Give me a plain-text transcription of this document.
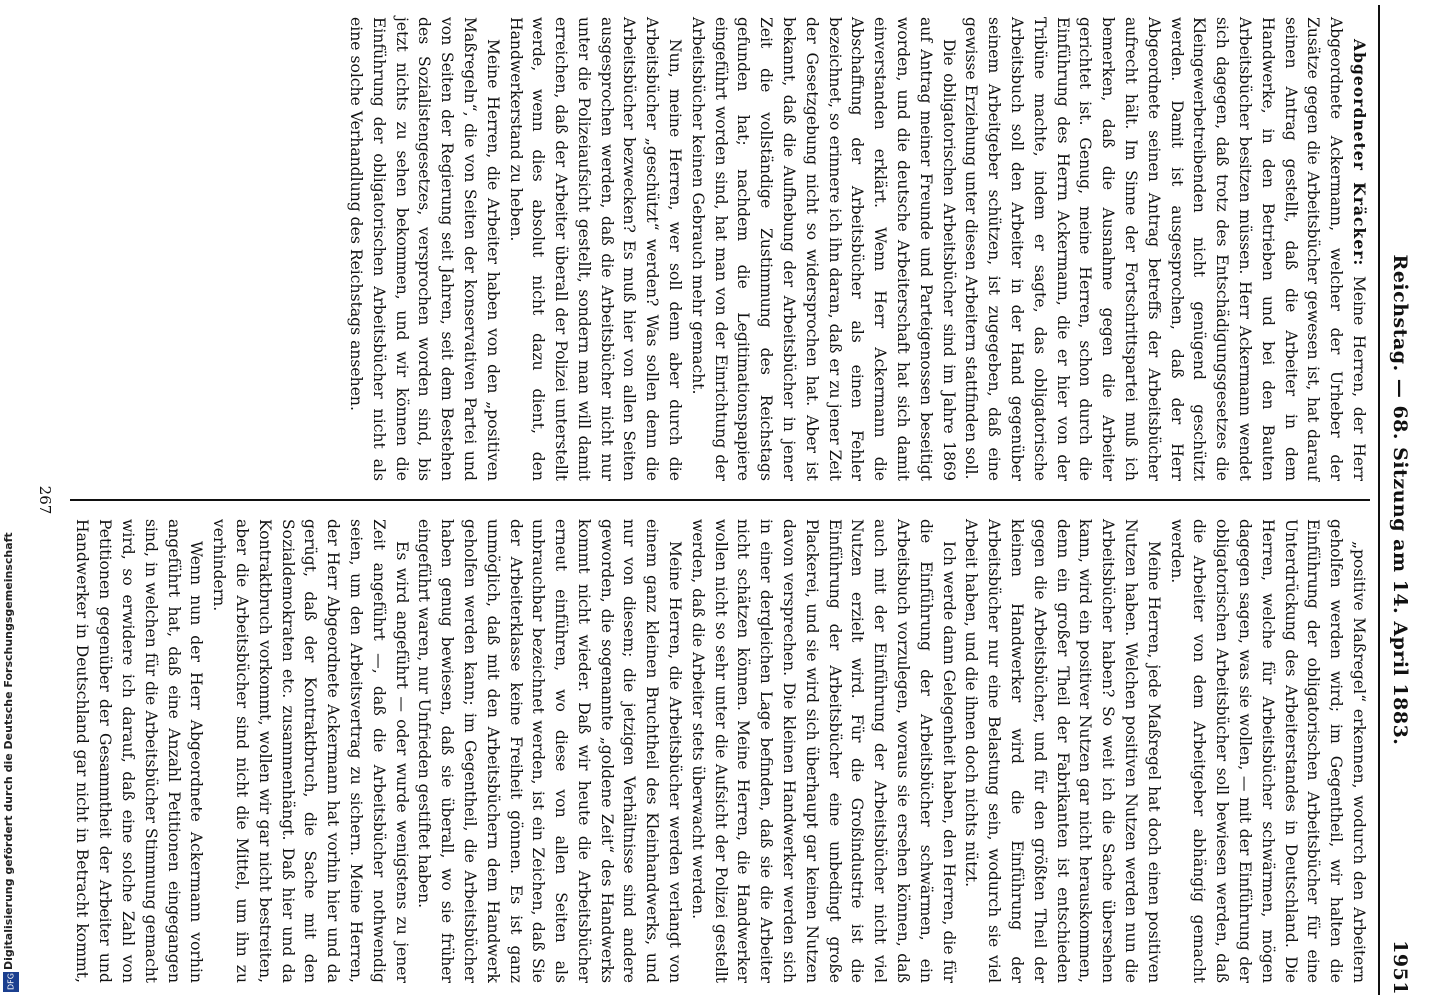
Digitalisierung gefördert durch die Deutsche Forschungsgemeinschaft
DFG
Reichstag. — 68. Sitzung am 14. April 1883.
1951

Abgeordneter Kräcker: Meine Herren, der Herr Abgeordnete Ackermann, welcher der Urheber der Zusätze gegen die Arbeitsbücher gewesen ist, hat darauf seinen Antrag gestellt, daß die Arbeiter in dem Handwerke, in den Betrieben und bei den Bauten Arbeitsbücher besitzen müssen. Herr Ackermann wendet sich dagegen, daß trotz des Entschädigungsgesetzes die Kleingewerbetreibenden nicht genügend geschützt werden. Damit ist ausgesprochen, daß der Herr Abgeordnete seinen Antrag betreffs der Arbeitsbücher aufrecht hält. Im Sinne der Fortschrittspartei muß ich bemerken, daß die Ausnahme gegen die Arbeiter gerichtet ist. Genug, meine Herren, schon durch die Einführung des Herrn Ackermann, die er hier von der Tribüne machte, indem er sagte, das obligatorische Arbeitsbuch soll den Arbeiter in der Hand gegenüber seinem Arbeitgeber schützen, ist zugegeben, daß eine gewisse Erziehung unter diesen Arbeitern stattfinden soll.

Die obligatorischen Arbeitsbücher sind im Jahre 1869 auf Antrag meiner Freunde und Parteigenossen beseitigt worden, und die deutsche Arbeiterschaft hat sich damit einverstanden erklärt. Wenn Herr Ackermann die Abschaffung der Arbeitsbücher als einen Fehler bezeichnet, so erinnere ich ihn daran, daß er zu jener Zeit der Gesetzgebung nicht so widersprochen hat. Aber ist bekannt, daß die Aufhebung der Arbeitsbücher in jener Zeit die vollständige Zustimmung des Reichstags gefunden hat; nachdem die Legitimationspapiere eingeführt worden sind, hat man von der Einrichtung der Arbeitsbücher keinen Gebrauch mehr gemacht.

Nun, meine Herren, wer soll denn aber durch die Arbeitsbücher „geschützt“ werden? Was sollen denn die Arbeitsbücher bezwecken? Es muß hier von allen Seiten ausgesprochen werden, daß die Arbeitsbücher nicht nur unter die Polizeiaufsicht gestellt, sondern man will damit erreichen, daß der Arbeiter überall der Polizei unterstellt werde, wenn dies absolut nicht dazu dient, den Handwerkerstand zu heben.

Meine Herren, die Arbeiter haben von den „positiven Maßregeln“, die von Seiten der konservativen Partei und von Seiten der Regierung seit Jahren, seit dem Bestehen des Sozialistengesetzes, versprochen worden sind, bis jetzt nichts zu sehen bekommen, und wir können die Einführung der obligatorischen Arbeitsbücher nicht als eine solche Verhandlung des Reichstags ansehen.

„positive Maßregel“ erkennen, wodurch den Arbeitern geholfen werden wird; im Gegentheil, wir halten die Einführung der obligatorischen Arbeitsbücher für eine Unterdrückung des Arbeiterstandes in Deutschland. Die Herren, welche für Arbeitsbücher schwärmen, mögen dagegen sagen, was sie wollen, — mit der Einführung der obligatorischen Arbeitsbücher soll bewiesen werden, daß die Arbeiter von dem Arbeitgeber abhängig gemacht werden.

Meine Herren, jede Maßregel hat doch einen positiven Nutzen haben. Welchen positiven Nutzen werden nun die Arbeitsbücher haben? So weit ich die Sache übersehen kann, wird ein positiver Nutzen gar nicht herauskommen, denn ein großer Theil der Fabrikanten ist entschieden gegen die Arbeitsbücher, und für den größten Theil der kleinen Handwerker wird die Einführung der Arbeitsbücher nur eine Belastung sein, wodurch sie viel Arbeit haben, und die ihnen doch nichts nützt.

Ich werde dann Gelegenheit haben, den Herren, die für die Einführung der Arbeitsbücher schwärmen, ein Arbeitsbuch vorzulegen, woraus sie ersehen können, daß auch mit der Einführung der Arbeitsbücher nicht viel Nutzen erzielt wird. Für die Großindustrie ist die Einführung der Arbeitsbücher eine unbedingt große Plackerei, und sie wird sich überhaupt gar keinen Nutzen davon versprechen. Die kleinen Handwerker werden sich in einer dergleichen Lage befinden, daß sie die Arbeiter nicht schätzen können. Meine Herren, die Handwerker wollen nicht so sehr unter die Aufsicht der Polizei gestellt werden, daß die Arbeiter stets überwacht werden.

Meine Herren, die Arbeitsbücher werden verlangt von einem ganz kleinen Bruchtheil des Kleinhandwerks, und nur von diesem; die jetzigen Verhältnisse sind andere geworden, die sogenannte „goldene Zeit“ des Handwerks kommt nicht wieder. Daß wir heute die Arbeitsbücher erneut einführen, wo diese von allen Seiten als unbrauchbar bezeichnet werden, ist ein Zeichen, daß Sie der Arbeiterklasse keine Freiheit gönnen. Es ist ganz unmöglich, daß mit den Arbeitsbüchern dem Handwerk geholfen werden kann; im Gegentheil, die Arbeitsbücher haben genug bewiesen, daß sie überall, wo sie früher eingeführt waren, nur Unfrieden gestiftet haben.

Es wird angeführt — oder wurde wenigstens zu jener Zeit angeführt —, daß die Arbeitsbücher nothwendig seien, um den Arbeitsvertrag zu sichern. Meine Herren, der Herr Abgeordnete Ackermann hat vorhin hier und da gerügt, daß der Kontraktbruch, die Sache mit den Sozialdemokraten etc. zusammenhängt. Daß hier und da Kontraktbruch vorkommt, wollen wir gar nicht bestreiten, aber die Arbeitsbücher sind nicht die Mittel, um ihn zu verhindern.

Wenn nun der Herr Abgeordnete Ackermann vorhin angeführt hat, daß eine Anzahl Petitionen eingegangen sind, in welchen für die Arbeitsbücher Stimmung gemacht wird, so erwidere ich darauf, daß eine solche Zahl von Petitionen gegenüber der Gesammtheit der Arbeiter und Handwerker in Deutschland gar nicht in Betracht kommt,

267
